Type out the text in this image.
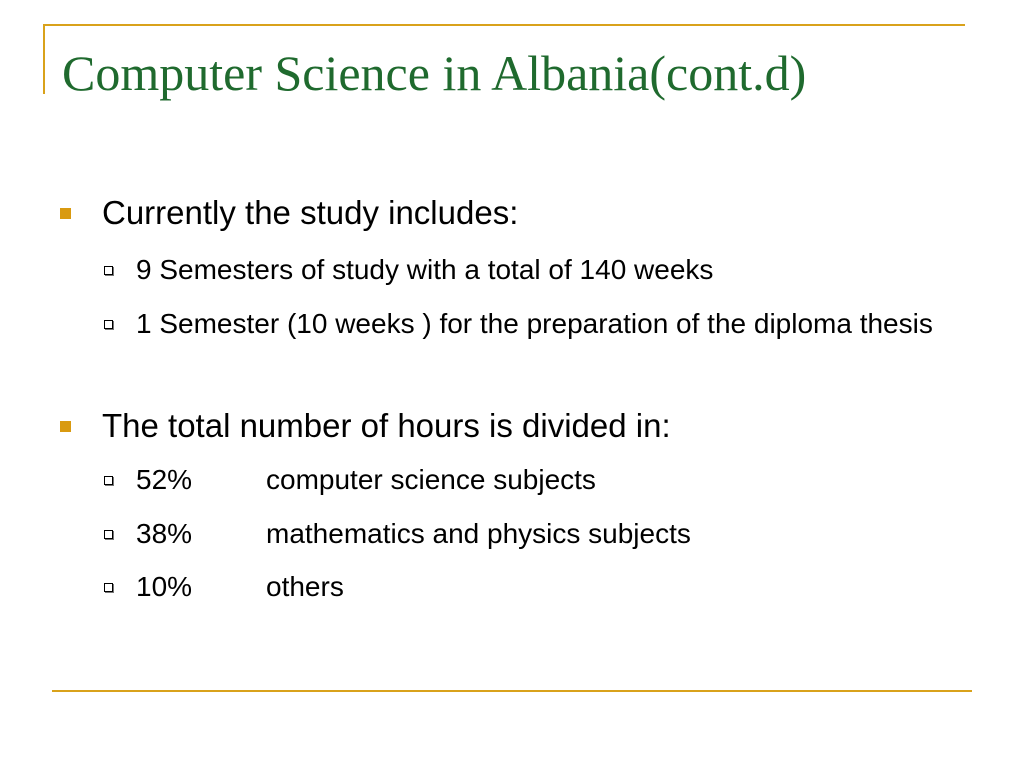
Computer Science in Albania(cont.d)
Currently the study includes:
9 Semesters of study with a total of 140 weeks
1 Semester (10 weeks ) for the preparation of the diploma thesis
The total number of hours is divided in:
52%	computer science subjects
38%	mathematics and physics subjects
10%	others
